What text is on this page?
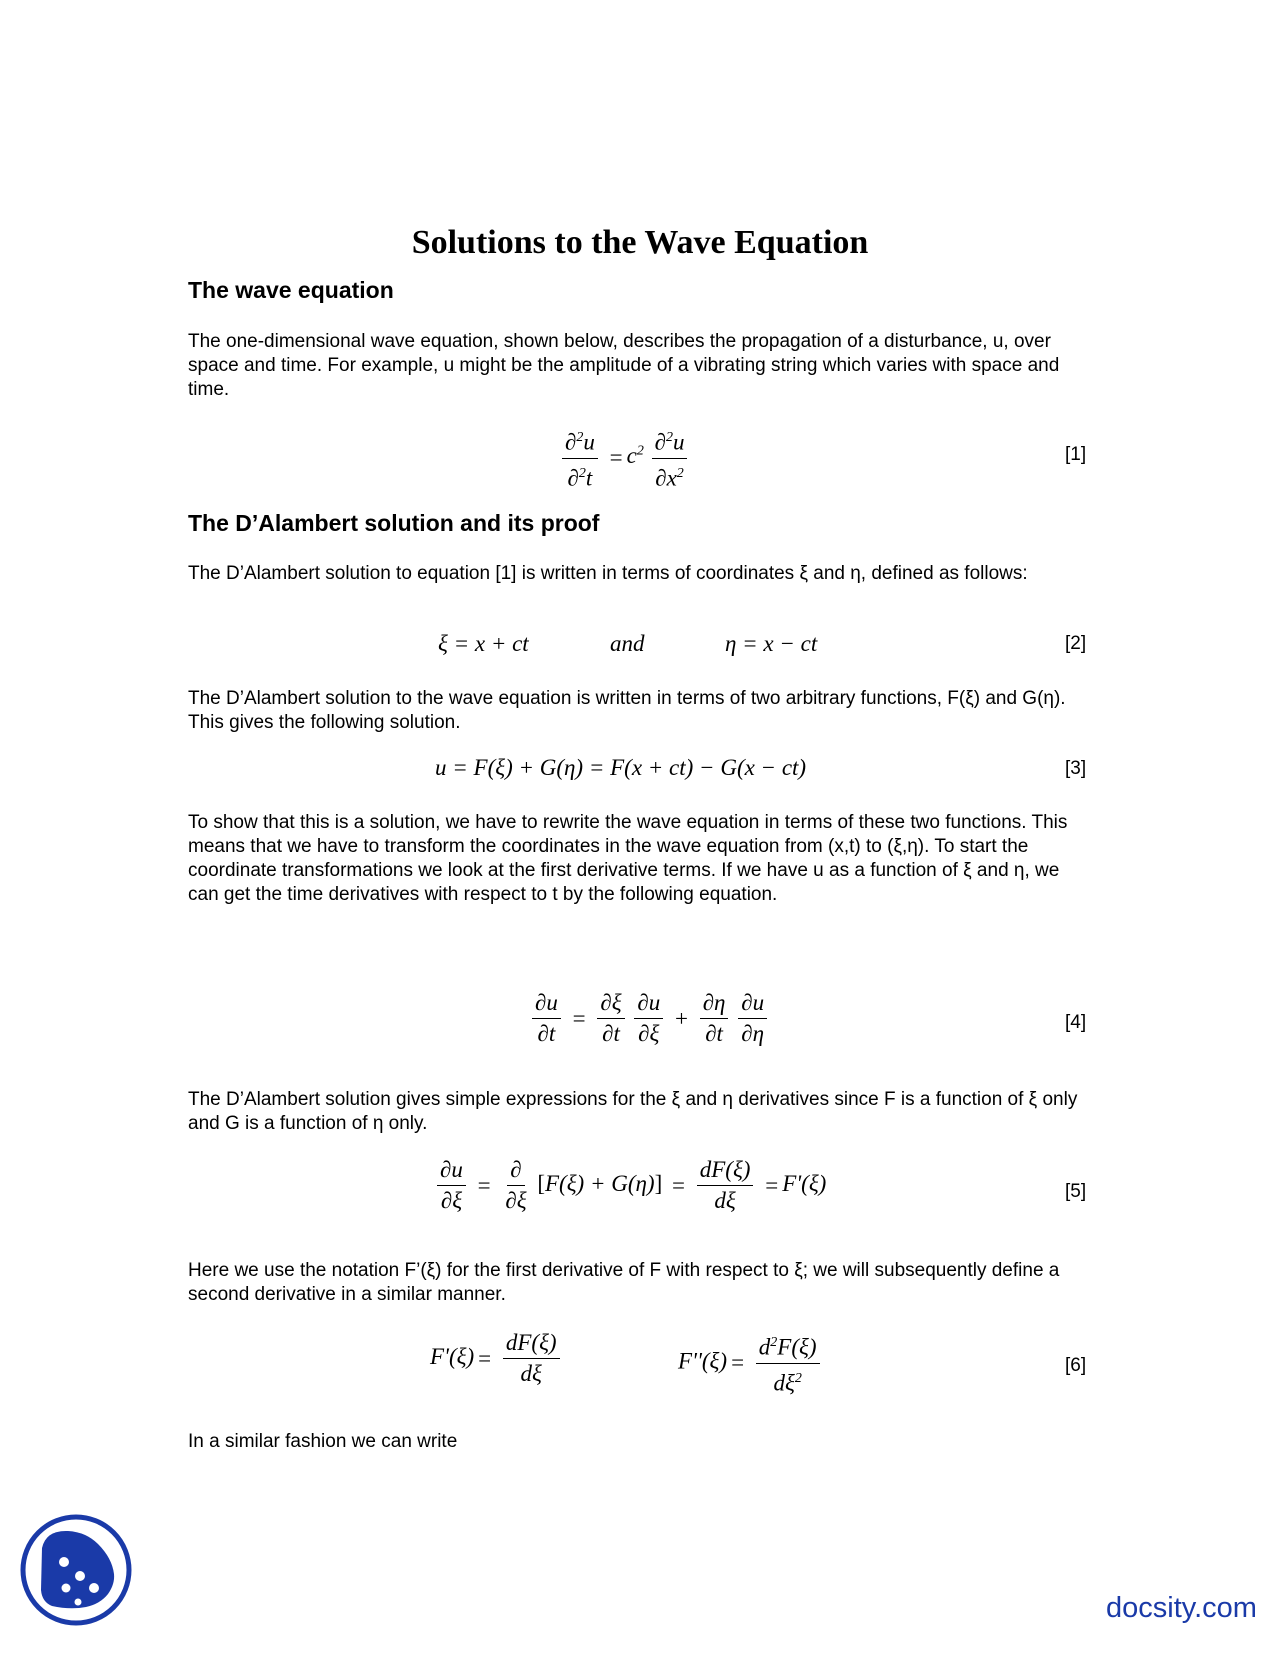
Solutions to the Wave Equation
The wave equation
The one-dimensional wave equation, shown below, describes the propagation of a disturbance, u, over space and time. For example, u might be the amplitude of a vibrating string which varies with space and time.
$\frac{\partial^2u}{\partial^2t} = c^2 \frac{\partial^2u}{\partial x^2}$	[1]
The D’Alambert solution and its proof
The D’Alambert solution to equation [1] is written in terms of coordinates ξ and η, defined as follows:
ξ = x + ct	and	η = x − ct	[2]
The D’Alambert solution to the wave equation is written in terms of two arbitrary functions, F(ξ) and G(η). This gives the following solution.
u = F(ξ) + G(η) = F(x + ct) − G(x − ct)	[3]
To show that this is a solution, we have to rewrite the wave equation in terms of these two functions. This means that we have to transform the coordinates in the wave equation from (x,t) to (ξ,η). To start the coordinate transformations we look at the first derivative terms. If we have u as a function of ξ and η, we can get the time derivatives with respect to t by the following equation.
$\frac{\partial u}{\partial t} = \frac{\partial\xi}{\partial t}$
$\frac{\partial u}{\partial\xi} + \frac{\partial\eta}{\partial t}$
$\frac{\partial u}{\partial\eta}$	[4]
The D’Alambert solution gives simple expressions for the ξ and η derivatives since F is a function of ξ only and G is a function of η only.
$\frac{\partial u}{\partial\xi} = \frac{\partial}{\partial\xi} [F(\xi) + G(\eta)] = \frac{dF(\xi)}{d\xi} = F'(\xi)$	[5]
Here we use the notation F’(ξ) for the first derivative of F with respect to ξ; we will subsequently define a second derivative in a similar manner.
$F'(\xi) = \frac{dF(\xi)}{d\xi}$	$F''(\xi) = \frac{d^2F(\xi)}{d\xi^2}$	[6]
In a similar fashion we can write
docsity.com
